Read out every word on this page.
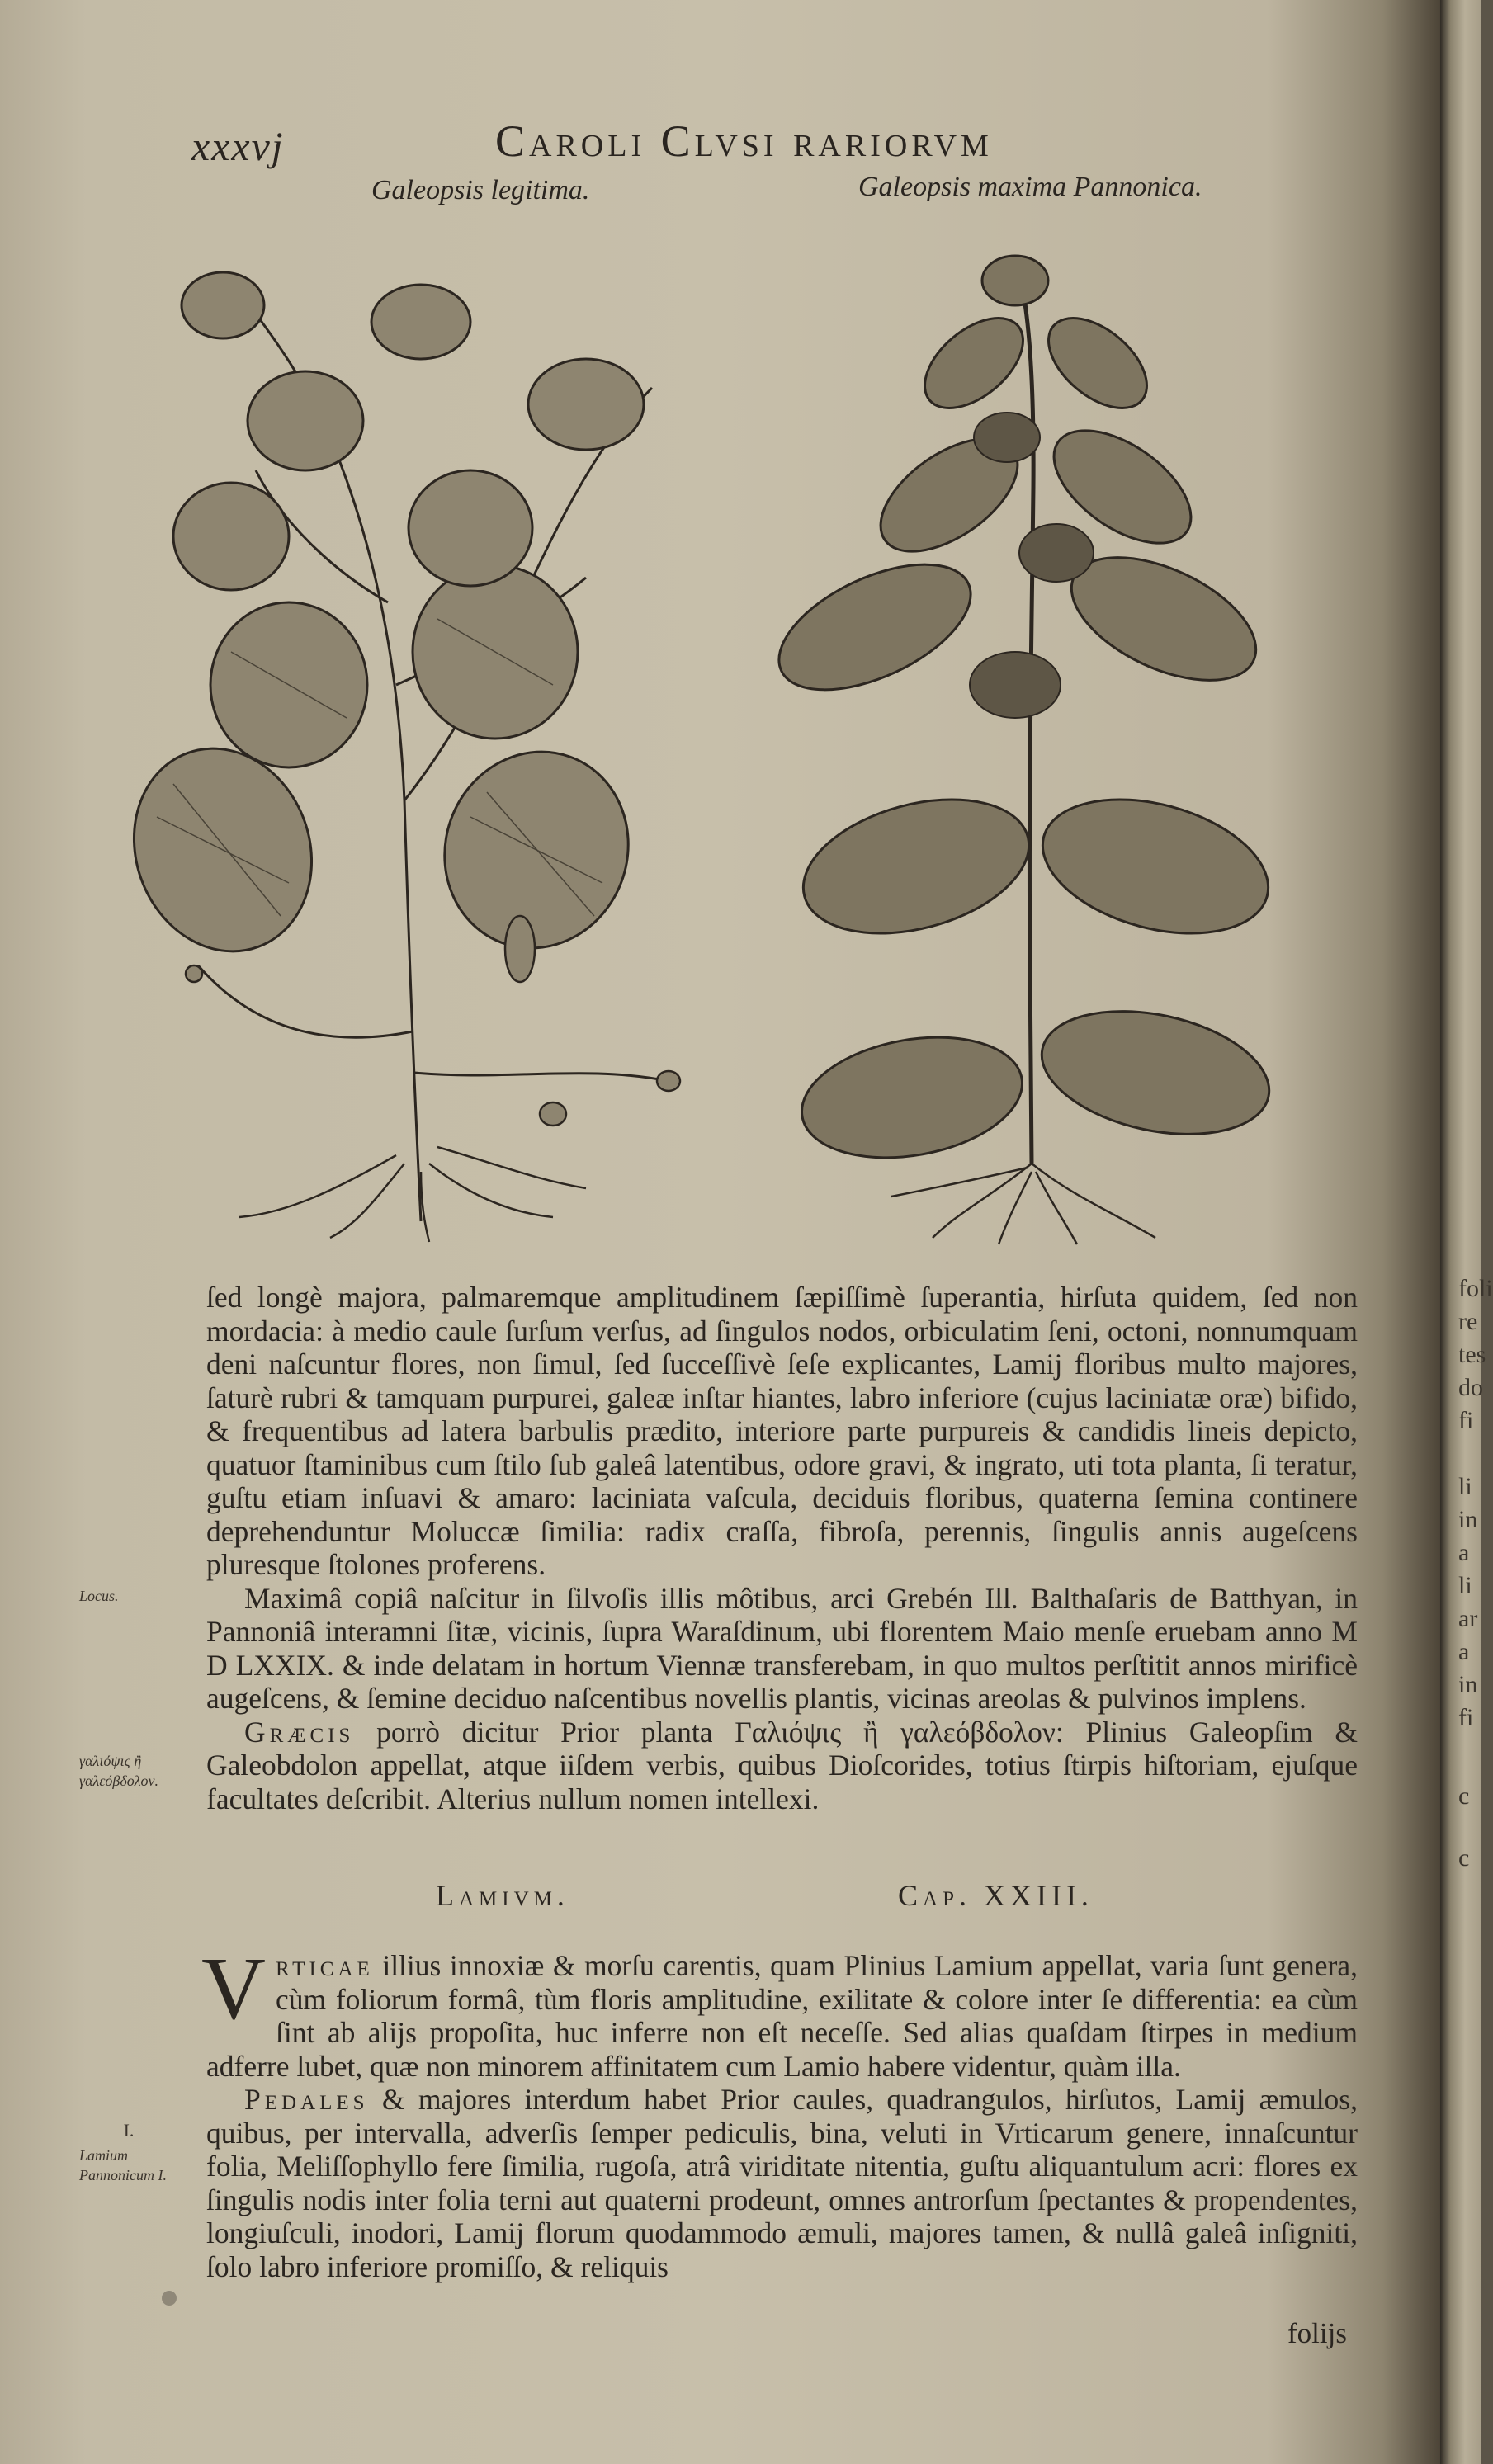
xxxvj	Caroli Clvsi rariorvm
Galeopsis legitima.	Galeopsis maxima Pannonica.

ſed longè majora, palmaremque amplitudinem ſæpiſſimè ſuperantia, hirſuta quidem, ſed non mordacia: à medio caule ſurſum verſus, ad ſingulos nodos, orbiculatim ſeni, octoni, nonnumquam deni naſcuntur flores, non ſimul, ſed ſucceſſivè ſeſe explicantes, Lamij floribus multo majores, ſaturè rubri & tamquam purpurei, galeæ inſtar hiantes, labro inferiore (cujus laciniatæ oræ) bifido, & frequentibus ad latera barbulis prædito, interiore parte purpureis & candidis lineis depicto, quatuor ſtaminibus cum ſtilo ſub galeâ latentibus, odore gravi, & ingrato, uti tota planta, ſi teratur, guſtu etiam inſuavi & amaro: laciniata vaſcula, deciduis floribus, quaterna ſemina continere deprehenduntur Moluccæ ſimilia: radix craſſa, fibroſa, perennis, ſingulis annis augeſcens pluresque ſtolones proferens.

Maximâ copiâ naſcitur in ſilvoſis illis môtibus, arci Grebén Ill. Balthaſaris de Batthyan, in Pannoniâ interamni ſitæ, vicinis, ſupra Waraſdinum, ubi florentem Maio menſe eruebam anno M D LXXIX. & inde delatam in hortum Viennæ transferebam, in quo multos perſtitit annos mirificè augeſcens, & ſemine deciduo naſcentibus novellis plantis, vicinas areolas & pulvinos implens.

Græcis porrò dicitur Prior planta Γαλιόψις ἢ γαλεόβδολον: Plinius Galeopſim & Galeobdolon appellat, atque iiſdem verbis, quibus Dioſcorides, totius ſtirpis hiſtoriam, ejuſque facultates deſcribit. Alterius nullum nomen intellexi.

Locus.
γαλιόψις ἢ γαλεόβδολον.
Lamivm.	Cap. XXIII.

Vrticae illius innoxiæ & morſu carentis, quam Plinius Lamium appellat, varia ſunt genera, cùm foliorum formâ, tùm floris amplitudine, exilitate & colore inter ſe differentia: ea cùm ſint ab alijs propoſita, huc inferre non eſt neceſſe. Sed alias quaſdam ſtirpes in medium adferre lubet, quæ non minorem affinitatem cum Lamio habere videntur, quàm illa.

Pedales & majores interdum habet Prior caules, quadrangulos, hirſutos, Lamij æmulos, quibus, per intervalla, adverſis ſemper pediculis, bina, veluti in Vrticarum genere, innaſcuntur folia, Meliſſophyllo fere ſimilia, rugoſa, atrâ viriditate nitentia, guſtu aliquantulum acri: flores ex ſingulis nodis inter folia terni aut quaterni prodeunt, omnes antrorſum ſpectantes & propendentes, longiuſculi, inodori, Lamij florum quodammodo æmuli, majores tamen, & nullâ galeâ inſigniti, ſolo labro inferiore promiſſo, & reliquis

I.
Lamium Pannonicum I.
folijs
foli
re
tes
do
fi
li
in
a
li
ar
a
in
fi
c
c
